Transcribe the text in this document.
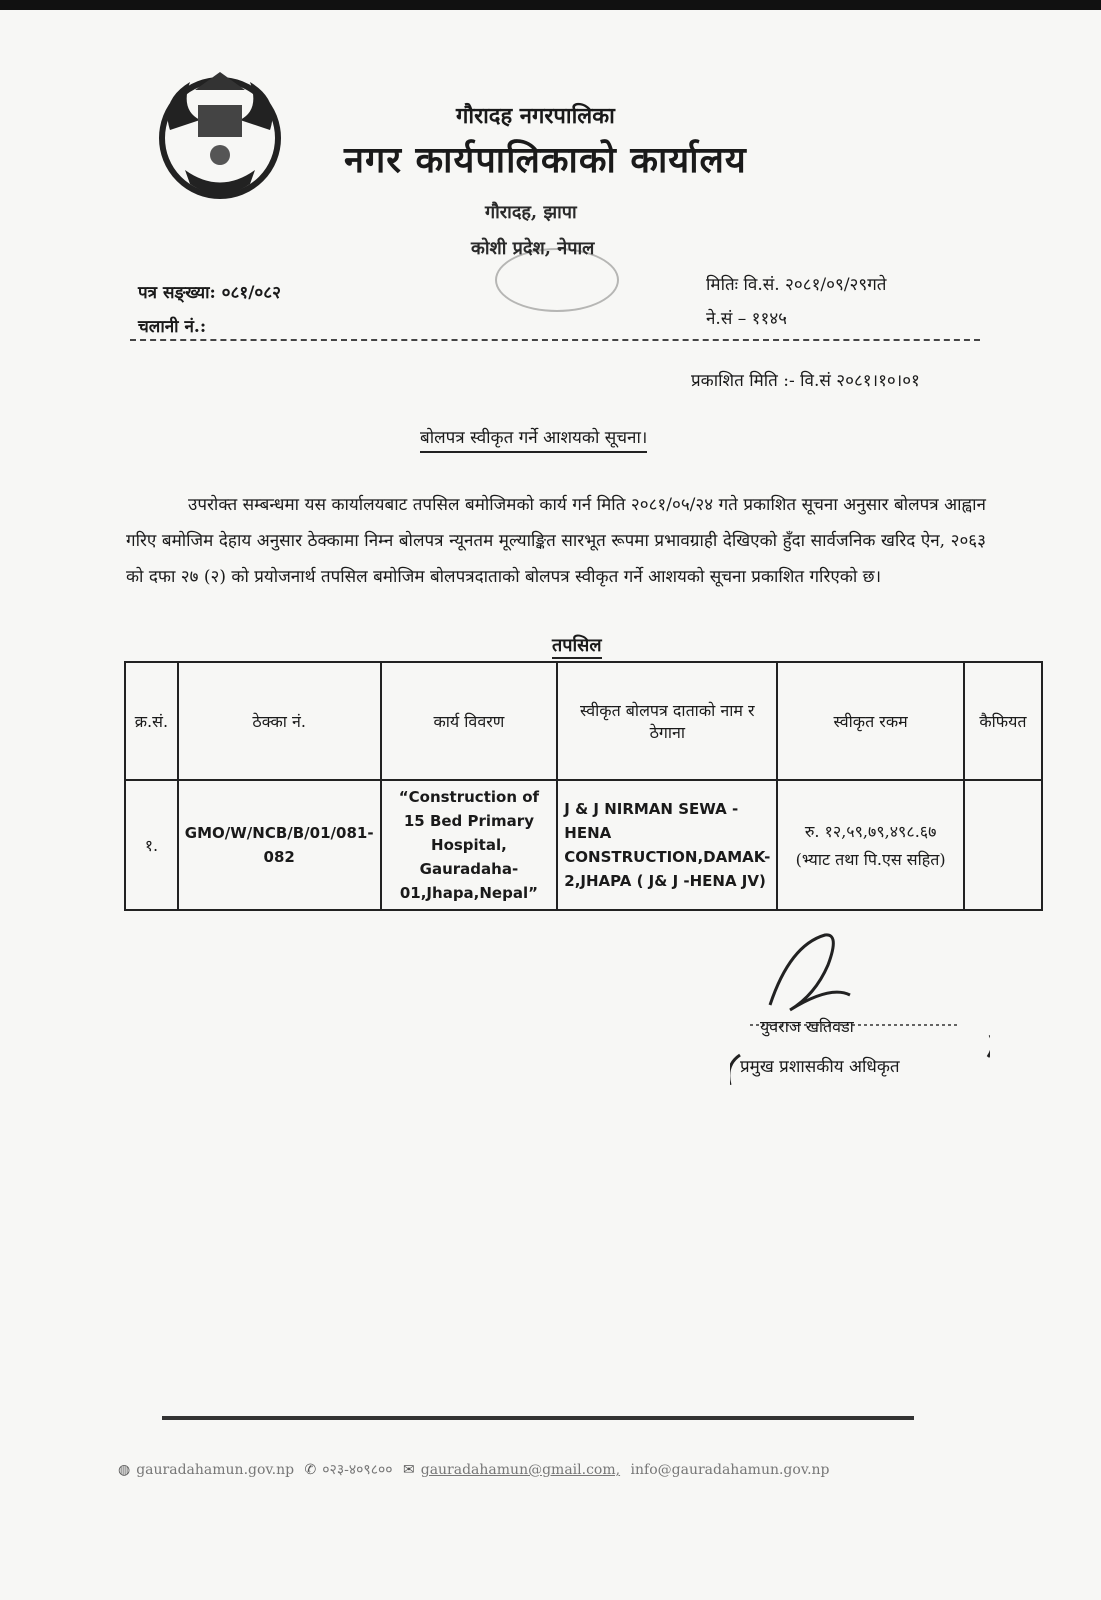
गौरादह नगरपालिका
नगर कार्यपालिकाको कार्यालय
गौरादह, झापा
कोशी प्रदेश, नेपाल
पत्र सङ्ख्या: ०८१/०८२
चलानी नं.:
मितिः वि.सं. २०८१/०९/२९गते
ने.सं – ११४५
प्रकाशित मिति :- वि.सं २०८१।१०।०१
बोलपत्र स्वीकृत गर्ने आशयको सूचना।
उपरोक्त सम्बन्धमा यस कार्यालयबाट तपसिल बमोजिमको कार्य गर्न मिति २०८१/०५/२४ गते प्रकाशित सूचना अनुसार बोलपत्र आह्वान गरिए बमोजिम देहाय अनुसार ठेक्कामा निम्न बोलपत्र न्यूनतम मूल्याङ्कित सारभूत रूपमा प्रभावग्राही देखिएको हुँदा सार्वजनिक खरिद ऐन, २०६३ को दफा २७ (२) को प्रयोजनार्थ तपसिल बमोजिम बोलपत्रदाताको बोलपत्र स्वीकृत गर्ने आशयको सूचना प्रकाशित गरिएको छ।
तपसिल
क्र.सं.	ठेक्का नं.	कार्य विवरण	स्वीकृत बोलपत्र दाताको नाम र ठेगाना	स्वीकृत रकम	कैफियत
१.	GMO/W/NCB/B/01/081-082	“Construction of 15 Bed Primary Hospital, Gauradaha-01,Jhapa,Nepal”	J & J NIRMAN SEWA - HENA CONSTRUCTION,DAMAK-2,JHAPA ( J& J -HENA JV)	रु. १२,५९,७९,४९८.६७
(भ्याट तथा पि.एस सहित)	

युवराज खतिवडा
प्रमुख प्रशासकीय अधिकृत
◍ gauradahamun.gov.np ✆ ०२३-४०९८०० ✉ gauradahamun@gmail.com, info@gauradahamun.gov.np
